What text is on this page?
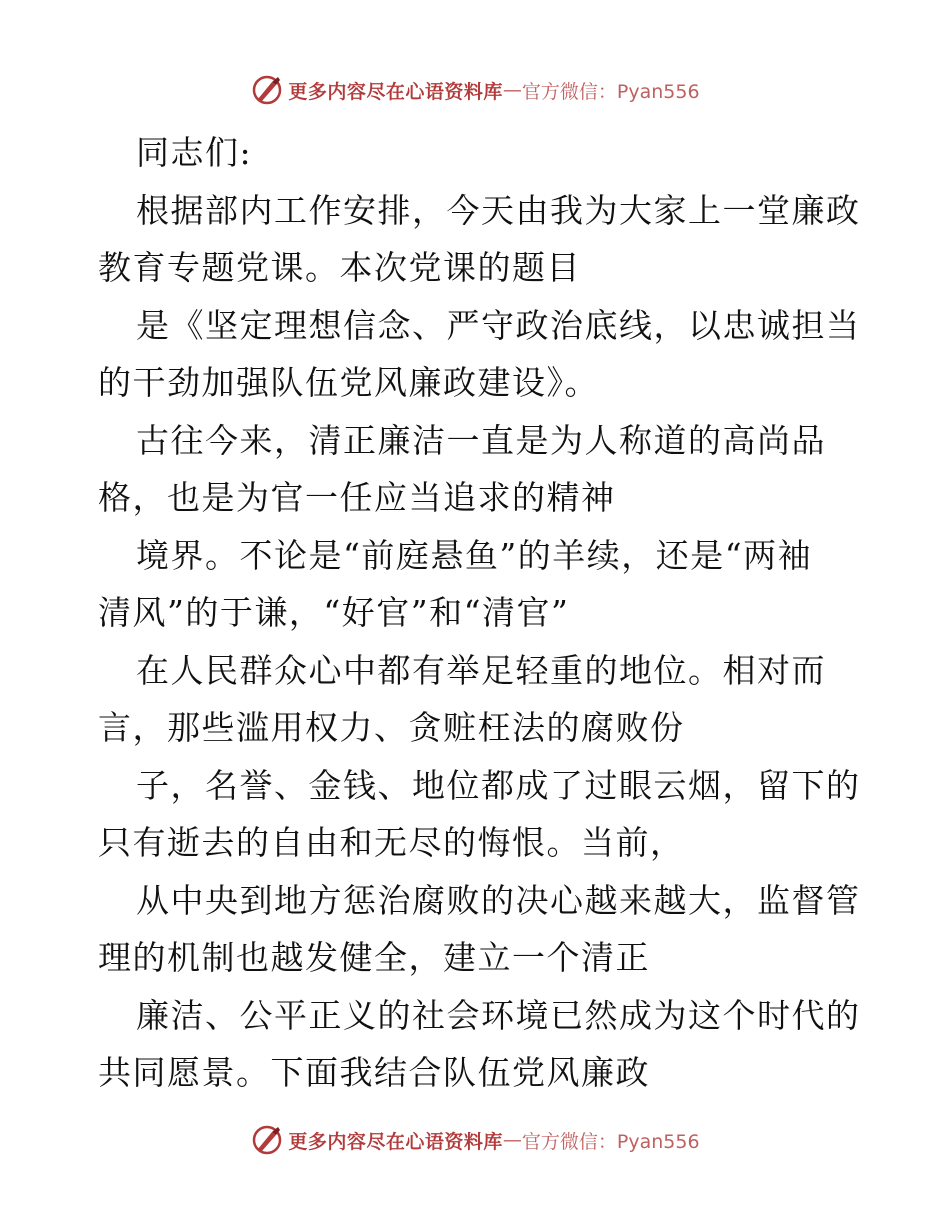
更多内容尽在心语资料库 — 官方微信：Pyan556
同志们:
根据部内工作安排，今天由我为大家上一堂廉政
教育专题党课。本次党课的题目
是《坚定理想信念、严守政治底线，以忠诚担当
的干劲加强队伍党风廉政建设》。
古往今来，清正廉洁一直是为人称道的高尚品
格，也是为官一任应当追求的精神
境界。不论是“前庭悬鱼”的羊续，还是“两袖
清风”的于谦，“好官”和“清官”
在人民群众心中都有举足轻重的地位。相对而
言，那些滥用权力、贪赃枉法的腐败份
子，名誉、金钱、地位都成了过眼云烟，留下的
只有逝去的自由和无尽的悔恨。当前，
从中央到地方惩治腐败的决心越来越大，监督管
理的机制也越发健全，建立一个清正
廉洁、公平正义的社会环境已然成为这个时代的
共同愿景。下面我结合队伍党风廉政
更多内容尽在心语资料库 — 官方微信：Pyan556
